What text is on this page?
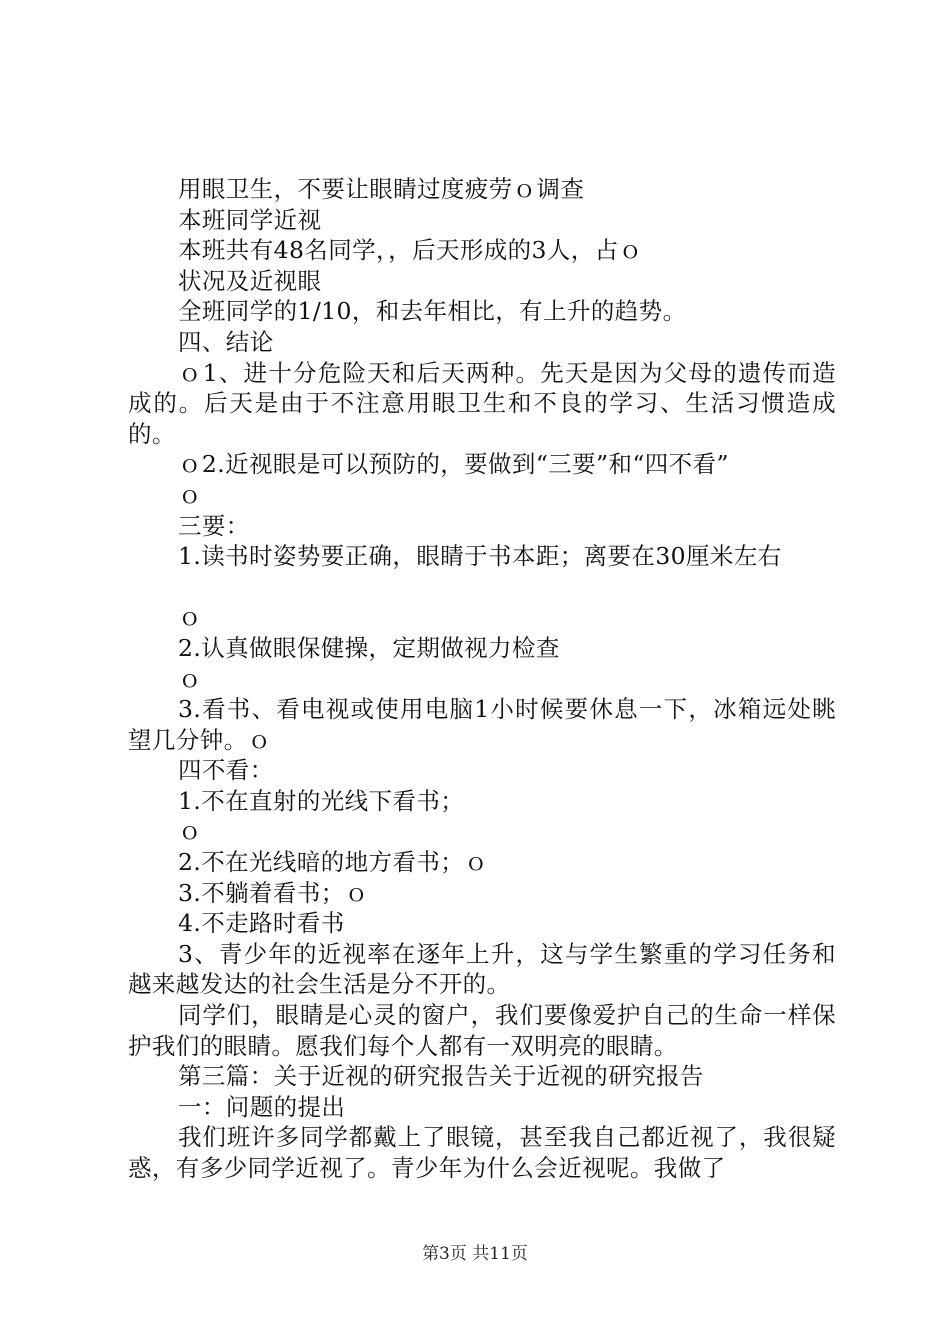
用眼卫生，不要让眼睛过度疲劳ｏ调查

本班同学近视

本班共有48名同学，，后天形成的3人，占ｏ

状况及近视眼

全班同学的1/10，和去年相比，有上升的趋势。

四、结论

ｏ1、进十分危险天和后天两种。先天是因为父母的遗传而造成的。后天是由于不注意用眼卫生和不良的学习、生活习惯造成的。

ｏ2.近视眼是可以预防的，要做到“三要”和“四不看”

ｏ

三要：

1.读书时姿势要正确，眼睛于书本距；离要在30厘米左右

ｏ

2.认真做眼保健操，定期做视力检查

ｏ

3.看书、看电视或使用电脑1小时候要休息一下，冰箱远处眺望几分钟。ｏ

四不看：

1.不在直射的光线下看书；

ｏ

2.不在光线暗的地方看书；ｏ

3.不躺着看书；ｏ

4.不走路时看书

3、青少年的近视率在逐年上升，这与学生繁重的学习任务和越来越发达的社会生活是分不开的。

同学们，眼睛是心灵的窗户，我们要像爱护自己的生命一样保护我们的眼睛。愿我们每个人都有一双明亮的眼睛。

第三篇：关于近视的研究报告关于近视的研究报告

一：问题的提出

我们班许多同学都戴上了眼镜，甚至我自己都近视了，我很疑惑，有多少同学近视了。青少年为什么会近视呢。我做了

第3页 共11页
